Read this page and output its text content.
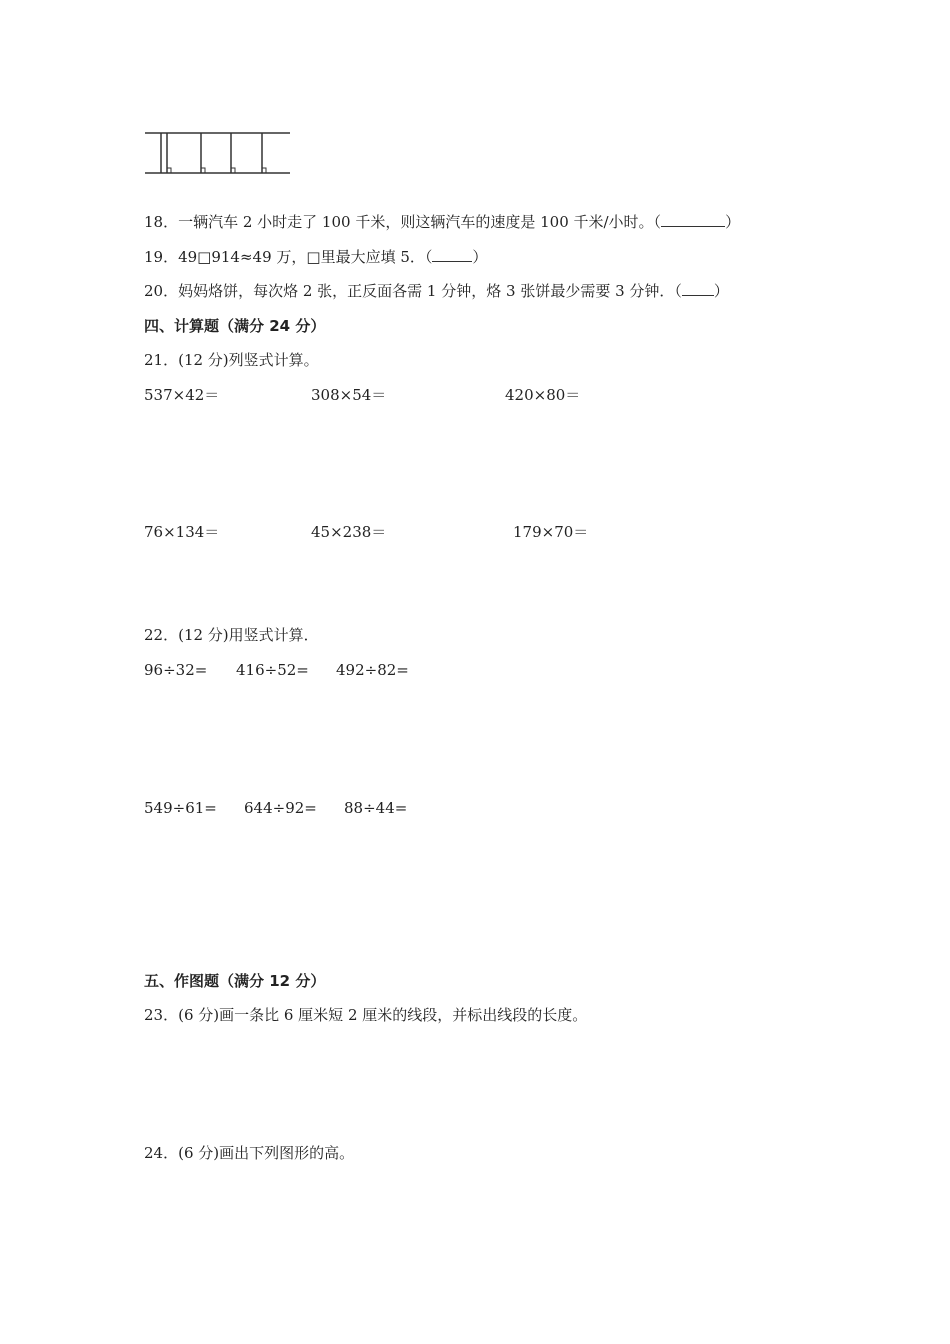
18．一辆汽车 2 小时走了 100 千米，则这辆汽车的速度是 100 千米/小时。（	）
19．49□914≈49 万，□里最大应填 5．（	）
20．妈妈烙饼，每次烙 2 张，正反面各需 1 分钟，烙 3 张饼最少需要 3 分钟．（ ）
四、计算题（满分 24 分）
21．(12 分)列竖式计算。
537×42＝	308×54＝	420×80＝
76×134＝	45×238＝	179×70＝
22．(12 分)用竖式计算．
96÷32= 416÷52= 492÷82=
549÷61= 644÷92= 88÷44=
五、作图题（满分 12 分）
23．(6 分)画一条比 6 厘米短 2 厘米的线段，并标出线段的长度。
24．(6 分)画出下列图形的高。
